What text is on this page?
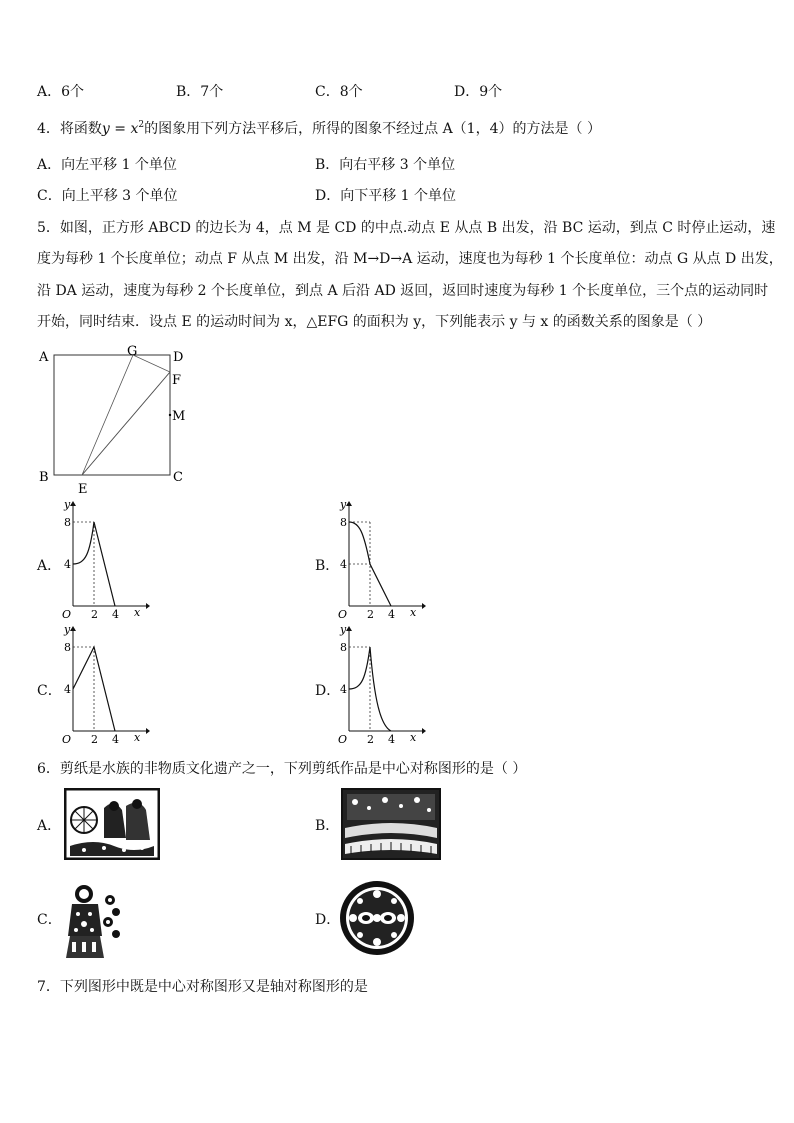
A．6个	B．7个	C．8个	D．9个
4．将函数$y = x^2$的图象用下列方法平移后，所得的图象不经过点 A（1，4）的方法是（ ）
A．向左平移 1 个单位	B．向右平移 3 个单位
C．向上平移 3 个单位	D．向下平移 1 个单位
5．如图，正方形 ABCD 的边长为 4，点 M 是 CD 的中点.动点 E 从点 B 出发，沿 BC 运动，到点 C 时停止运动，速
度为每秒 1 个长度单位；动点 F 从点 M 出发，沿 M→D→A 运动，速度也为每秒 1 个长度单位：动点 G 从点 D 出发，
沿 DA 运动，速度为每秒 2 个长度单位，到点 A 后沿 AD 返回，返回时速度为每秒 1 个长度单位，三个点的运动同时
开始，同时结束．设点 E 的运动时间为 x，△EFG 的面积为 y，下列能表示 y 与 x 的函数关系的图象是（ ）
A	G	D
F
M
B
E
C
A．	B．
C．	D．
y
x
O
8
4
2 4
y
x
O
8
4
2 4
y
x
O
8
4
2 4
y
x
O
8
4
2 4
6．剪纸是水族的非物质文化遗产之一，下列剪纸作品是中心对称图形的是（ ）
A．	B．
C．	D．
7．下列图形中既是中心对称图形又是轴对称图形的是
